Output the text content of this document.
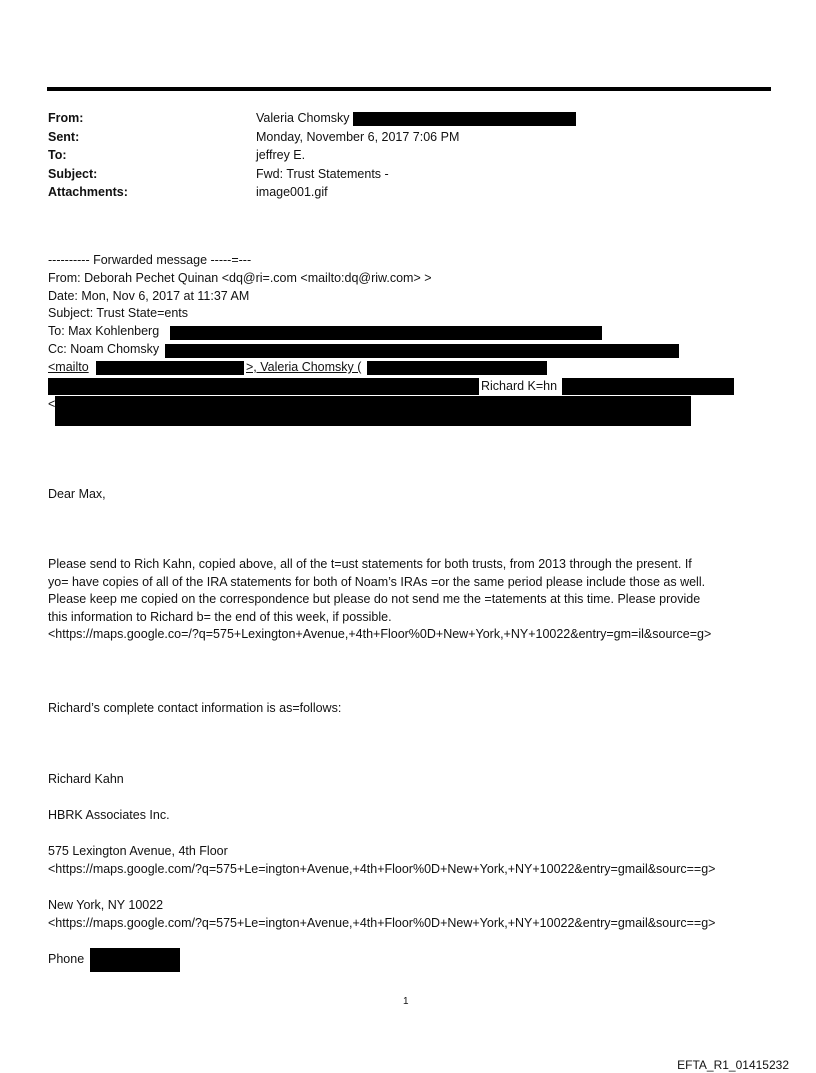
From:	Valeria Chomsky
Sent:	Monday, November 6, 2017 7:06 PM
To:	jeffrey E.
Subject:	Fwd: Trust Statements -
Attachments:	image001.gif
---------- Forwarded message -----=---
From: Deborah Pechet Quinan <dq@ri=.com <mailto:dq@riw.com> >
Date: Mon, Nov 6, 2017 at 11:37 AM
Subject: Trust State=ents
To: Max Kohlenberg
Cc: Noam Chomsky
<mailto	>, Valeria Chomsky (
Richard K=hn
<
Dear Max,
Please send to Rich Kahn, copied above, all of the t=ust statements for both trusts, from 2013 through the present. If
yo= have copies of all of the IRA statements for both of Noam’s IRAs =or the same period please include those as well.
Please keep me copied on the correspondence but please do not send me the =tatements at this time. Please provide
this information to Richard b= the end of this week, if possible.
<https://maps.google.co=/?q=575+Lexington+Avenue,+4th+Floor%0D+New+York,+NY+10022&entry=gm=il&source=g>
Richard’s complete contact information is as=follows:
Richard Kahn
HBRK Associates Inc.
575 Lexington Avenue, 4th Floor
<https://maps.google.com/?q=575+Le=ington+Avenue,+4th+Floor%0D+New+York,+NY+10022&entry=gmail&sourc==g>
New York, NY 10022
<https://maps.google.com/?q=575+Le=ington+Avenue,+4th+Floor%0D+New+York,+NY+10022&entry=gmail&sourc==g>
Phone
1
EFTA_R1_01415232
